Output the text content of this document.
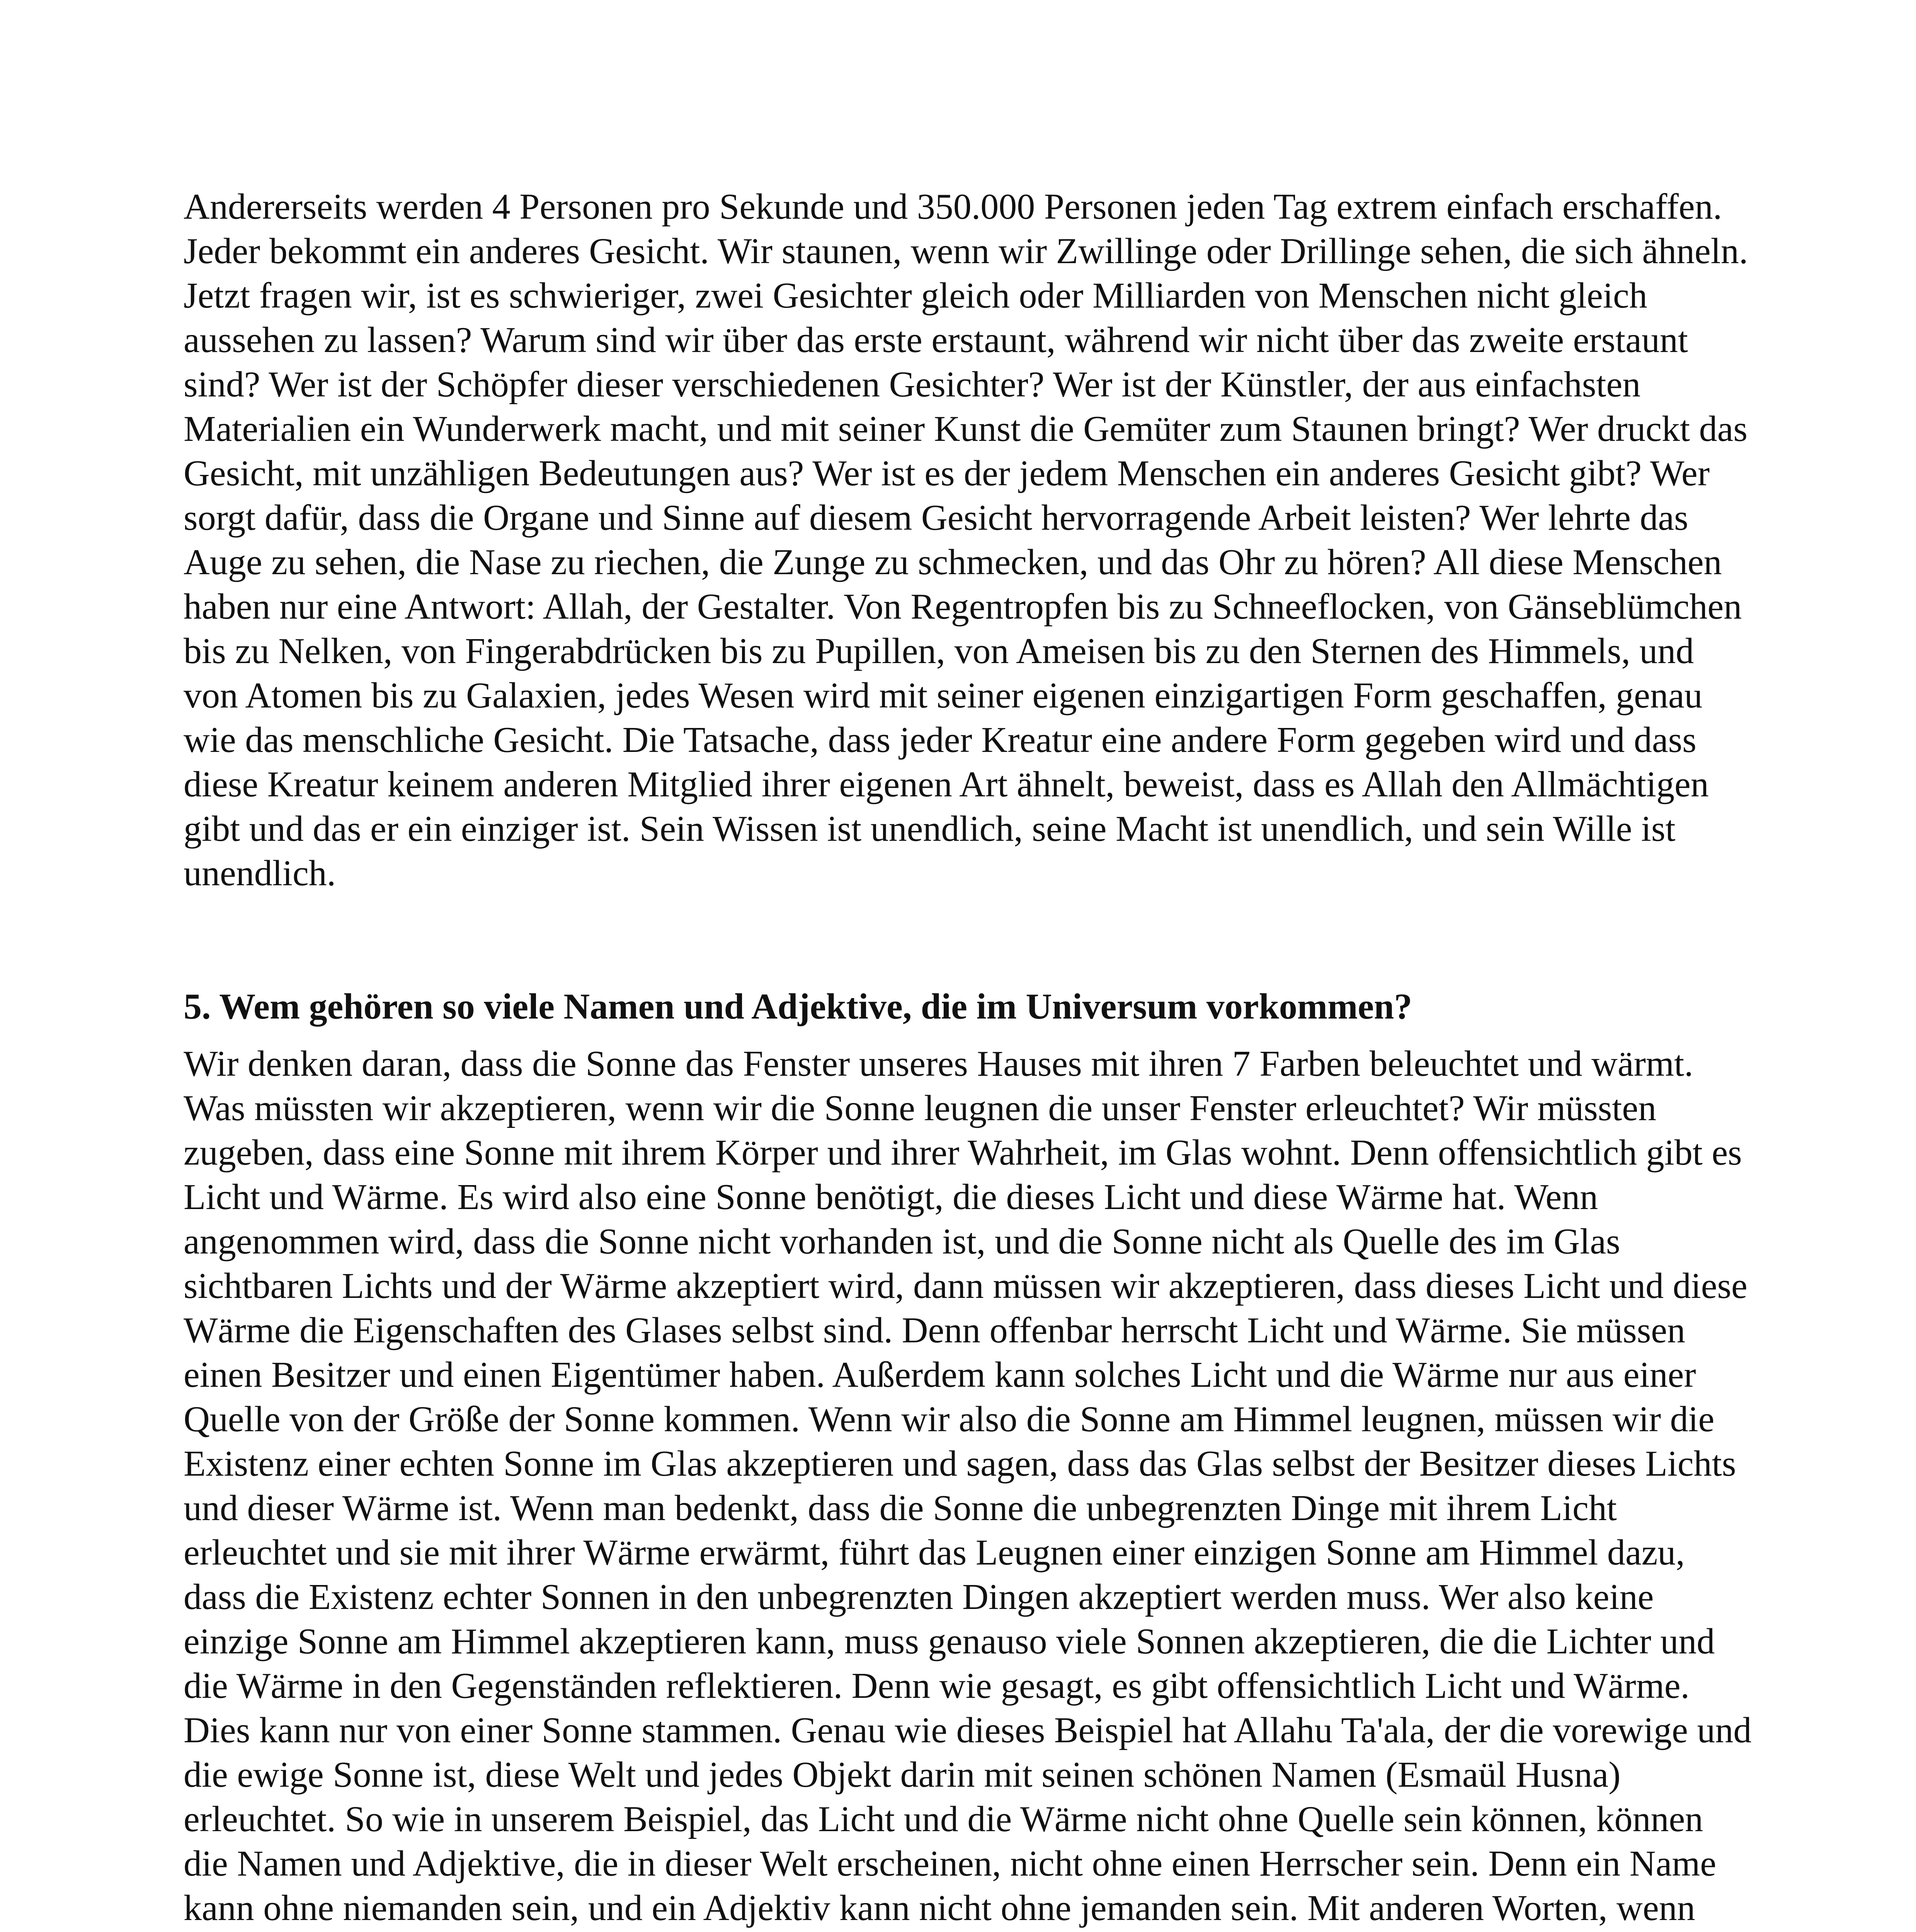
Andererseits werden 4 Personen pro Sekunde und 350.000 Personen jeden Tag extrem einfach erschaffen. Jeder bekommt ein anderes Gesicht. Wir staunen, wenn wir Zwillinge oder Drillinge sehen, die sich ähneln. Jetzt fragen wir, ist es schwieriger, zwei Gesichter gleich oder Milliarden von Menschen nicht gleich aussehen zu lassen? Warum sind wir über das erste erstaunt, während wir nicht über das zweite erstaunt sind? Wer ist der Schöpfer dieser verschiedenen Gesichter? Wer ist der Künstler, der aus einfachsten Materialien ein Wunderwerk macht, und mit seiner Kunst die Gemüter zum Staunen bringt? Wer druckt das Gesicht, mit unzähligen Bedeutungen aus? Wer ist es der jedem Menschen ein anderes Gesicht gibt? Wer sorgt dafür, dass die Organe und Sinne auf diesem Gesicht hervorragende Arbeit leisten? Wer lehrte das Auge zu sehen, die Nase zu riechen, die Zunge zu schmecken, und das Ohr zu hören? All diese Menschen haben nur eine Antwort: Allah, der Gestalter. Von Regentropfen bis zu Schneeflocken, von Gänseblümchen bis zu Nelken, von Fingerabdrücken bis zu Pupillen, von Ameisen bis zu den Sternen des Himmels, und von Atomen bis zu Galaxien, jedes Wesen wird mit seiner eigenen einzigartigen Form geschaffen, genau wie das menschliche Gesicht. Die Tatsache, dass jeder Kreatur eine andere Form gegeben wird und dass diese Kreatur keinem anderen Mitglied ihrer eigenen Art ähnelt, beweist, dass es Allah den Allmächtigen gibt und das er ein einziger ist. Sein Wissen ist unendlich, seine Macht ist unendlich, und sein Wille ist unendlich.

5. Wem gehören so viele Namen und Adjektive, die im Universum vorkommen?

Wir denken daran, dass die Sonne das Fenster unseres Hauses mit ihren 7 Farben beleuchtet und wärmt. Was müssten wir akzeptieren, wenn wir die Sonne leugnen die unser Fenster erleuchtet? Wir müssten zugeben, dass eine Sonne mit ihrem Körper und ihrer Wahrheit, im Glas wohnt. Denn offensichtlich gibt es Licht und Wärme. Es wird also eine Sonne benötigt, die dieses Licht und diese Wärme hat. Wenn angenommen wird, dass die Sonne nicht vorhanden ist, und die Sonne nicht als Quelle des im Glas sichtbaren Lichts und der Wärme akzeptiert wird, dann müssen wir akzeptieren, dass dieses Licht und diese Wärme die Eigenschaften des Glases selbst sind. Denn offenbar herrscht Licht und Wärme. Sie müssen einen Besitzer und einen Eigentümer haben. Außerdem kann solches Licht und die Wärme nur aus einer Quelle von der Größe der Sonne kommen. Wenn wir also die Sonne am Himmel leugnen, müssen wir die Existenz einer echten Sonne im Glas akzeptieren und sagen, dass das Glas selbst der Besitzer dieses Lichts und dieser Wärme ist. Wenn man bedenkt, dass die Sonne die unbegrenzten Dinge mit ihrem Licht erleuchtet und sie mit ihrer Wärme erwärmt, führt das Leugnen einer einzigen Sonne am Himmel dazu, dass die Existenz echter Sonnen in den unbegrenzten Dingen akzeptiert werden muss. Wer also keine einzige Sonne am Himmel akzeptieren kann, muss genauso viele Sonnen akzeptieren, die die Lichter und die Wärme in den Gegenständen reflektieren. Denn wie gesagt, es gibt offensichtlich Licht und Wärme. Dies kann nur von einer Sonne stammen. Genau wie dieses Beispiel hat Allahu Ta'ala, der die vorewige und die ewige Sonne ist, diese Welt und jedes Objekt darin mit seinen schönen Namen (Esmaül Husna) erleuchtet. So wie in unserem Beispiel, das Licht und die Wärme nicht ohne Quelle sein können, können die Namen und Adjektive, die in dieser Welt erscheinen, nicht ohne einen Herrscher sein. Denn ein Name kann ohne niemanden sein, und ein Adjektiv kann nicht ohne jemanden sein. Mit anderen Worten, wenn
